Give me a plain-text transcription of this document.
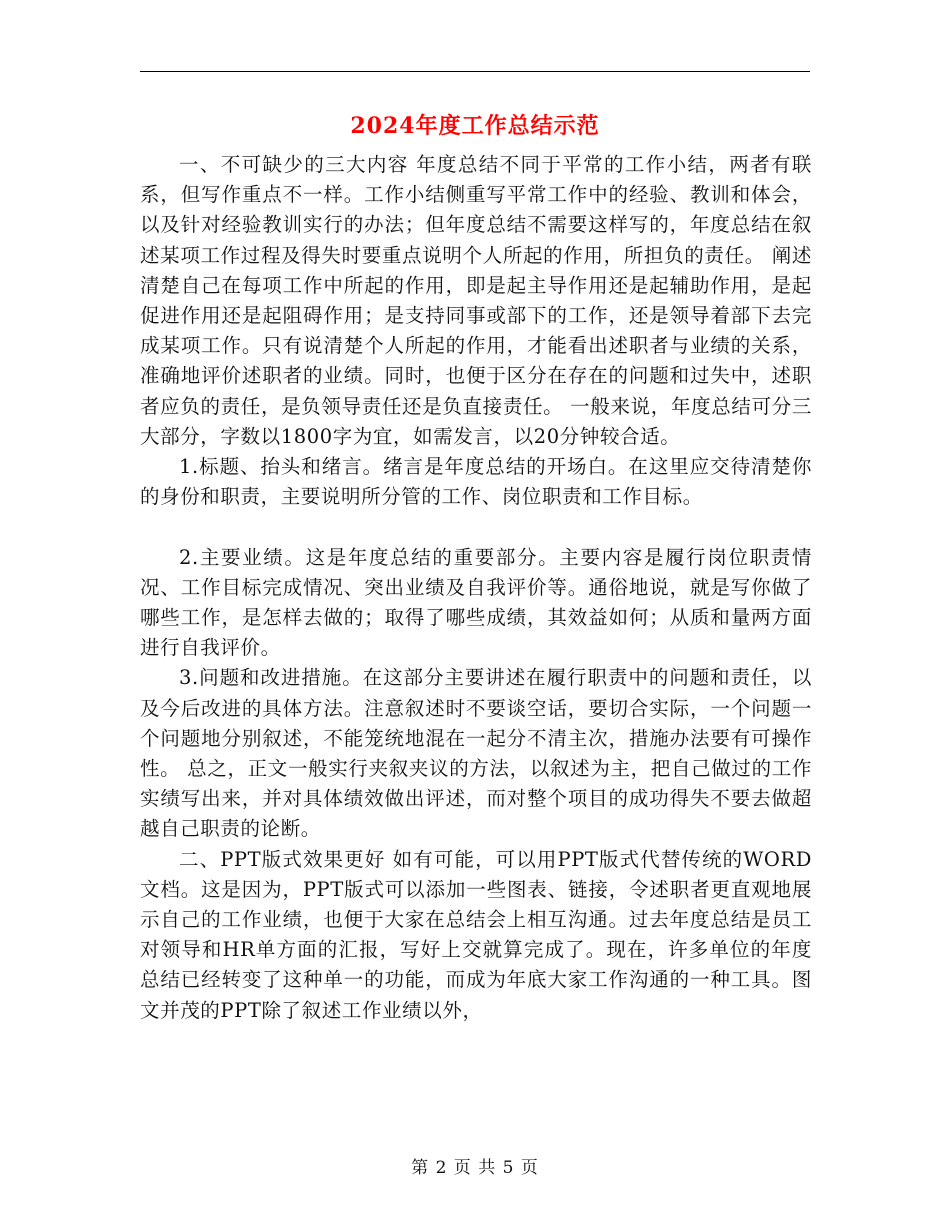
2024年度工作总结示范

一、不可缺少的三大内容 年度总结不同于平常的工作小结，两者有联系，但写作重点不一样。工作小结侧重写平常工作中的经验、教训和体会，以及针对经验教训实行的办法；但年度总结不需要这样写的，年度总结在叙述某项工作过程及得失时要重点说明个人所起的作用，所担负的责任。 阐述清楚自己在每项工作中所起的作用，即是起主导作用还是起辅助作用，是起促进作用还是起阻碍作用；是支持同事或部下的工作，还是领导着部下去完成某项工作。只有说清楚个人所起的作用，才能看出述职者与业绩的关系，准确地评价述职者的业绩。同时，也便于区分在存在的问题和过失中，述职者应负的责任，是负领导责任还是负直接责任。 一般来说，年度总结可分三大部分，字数以1800字为宜，如需发言，以20分钟较合适。

1.标题、抬头和绪言。绪言是年度总结的开场白。在这里应交待清楚你的身份和职责，主要说明所分管的工作、岗位职责和工作目标。

2.主要业绩。这是年度总结的重要部分。主要内容是履行岗位职责情况、工作目标完成情况、突出业绩及自我评价等。通俗地说，就是写你做了哪些工作，是怎样去做的；取得了哪些成绩，其效益如何；从质和量两方面进行自我评价。

3.问题和改进措施。在这部分主要讲述在履行职责中的问题和责任，以及今后改进的具体方法。注意叙述时不要谈空话，要切合实际，一个问题一个问题地分别叙述，不能笼统地混在一起分不清主次，措施办法要有可操作性。 总之，正文一般实行夹叙夹议的方法，以叙述为主，把自己做过的工作实绩写出来，并对具体绩效做出评述，而对整个项目的成功得失不要去做超越自己职责的论断。

二、PPT版式效果更好 如有可能，可以用PPT版式代替传统的WORD文档。这是因为，PPT版式可以添加一些图表、链接，令述职者更直观地展示自己的工作业绩，也便于大家在总结会上相互沟通。过去年度总结是员工对领导和HR单方面的汇报，写好上交就算完成了。现在，许多单位的年度总结已经转变了这种单一的功能，而成为年底大家工作沟通的一种工具。图文并茂的PPT除了叙述工作业绩以外，

第 2 页 共 5 页
